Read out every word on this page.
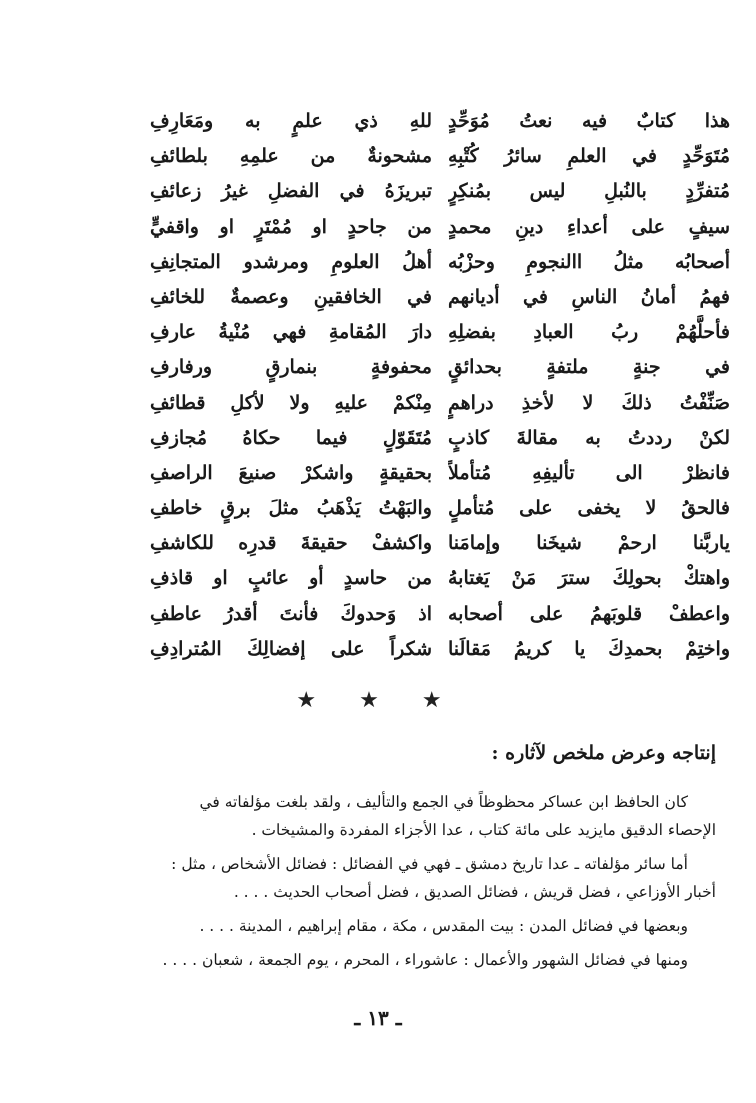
هذا كتابٌ فيه نعتُ مُوَحِّدٍ
للهِ ذي علمٍ به ومَعَارِفِ
مُتَوَحِّدٍ في العلمِ سائرُ كُتْبِهِ
مشحونةٌ من علمِهِ بلطائفِ
مُتفرِّدٍ بالنُبلِ ليس بمُنكِرٍ
تبريزَهُ في الفضلِ غيرُ زعائفِ
سيفٍ على أعداءِ دينِ محمدٍ
من جاحدٍ او مُمْتَرٍ او واقفيٍّ
أصحابُه مثلُ االنجومِ وحزْبُه
أهلُ العلومِ ومرشدو المتجانِفِ
فهمُ أمانُ الناسِ في أديانهم
في الخافقينِ وعصمةٌ للخائفِ
فأحلَّهُمْ ربُ العبادِ بفضلِهِ
دارَ المُقامةِ فهي مُنْيةُ عارفِ
في جنةٍ ملتفةٍ بحدائقٍ
محفوفةٍ بنمارقٍ ورفارفِ
صَنِّفْتُ ذلكَ لا لأخذِ دراهمٍ
مِنْكمْ عليهِ ولا لأكلِ قطائفِ
لكنْ رددتُ به مقالةَ كاذبٍ
مُتَقَوّلٍ فيما حكاهُ مُجازفِ
فانظرْ الى تأليفِهِ مُتأملاً
بحقيقةٍ واشكرْ صنيعَ الراصفِ
فالحقُ لا يخفى على مُتأملٍ
والبَهْتُ يَذْهَبُ مثلَ برقٍ خاطفِ
ياربَّنا ارحمْ شيخَنا وإمامَنا
واكشفْ حقيقةَ قدرِه للكاشفِ
واهتكْ بحولِكَ سترَ مَنْ يَغتابهُ
من حاسدٍ أو عائبٍ او قاذفِ
واعطفْ قلوبَهمُ على أصحابه
اذ وَحدوكَ فأنتَ أقدرُ عاطفِ
واختِمْ بحمدِكَ يا كريمُ مَقالَنا
شكراً على إفضالِكَ المُترادِفِ
★ ★ ★
إنتاجه وعرض ملخص لآثاره :

كان الحافظ ابن عساكر محظوظاً في الجمع والتأليف ، ولقد بلغت مؤلفاته في
الإحصاء الدقيق مايزيد على مائة كتاب ، عدا الأجزاء المفردة والمشيخات .

أما سائر مؤلفاته ـ عدا تاريخ دمشق ـ فهي في الفضائل : فضائل الأشخاص ، مثل :
أخبار الأوزاعي ، فضل قريش ، فضائل الصديق ، فضل أصحاب الحديث . . . .

وبعضها في فضائل المدن : بيت المقدس ، مكة ، مقام إبراهيم ، المدينة . . . .

ومنها في فضائل الشهور والأعمال : عاشوراء ، المحرم ، يوم الجمعة ، شعبان . . . .

ـ ١٣ ـ
